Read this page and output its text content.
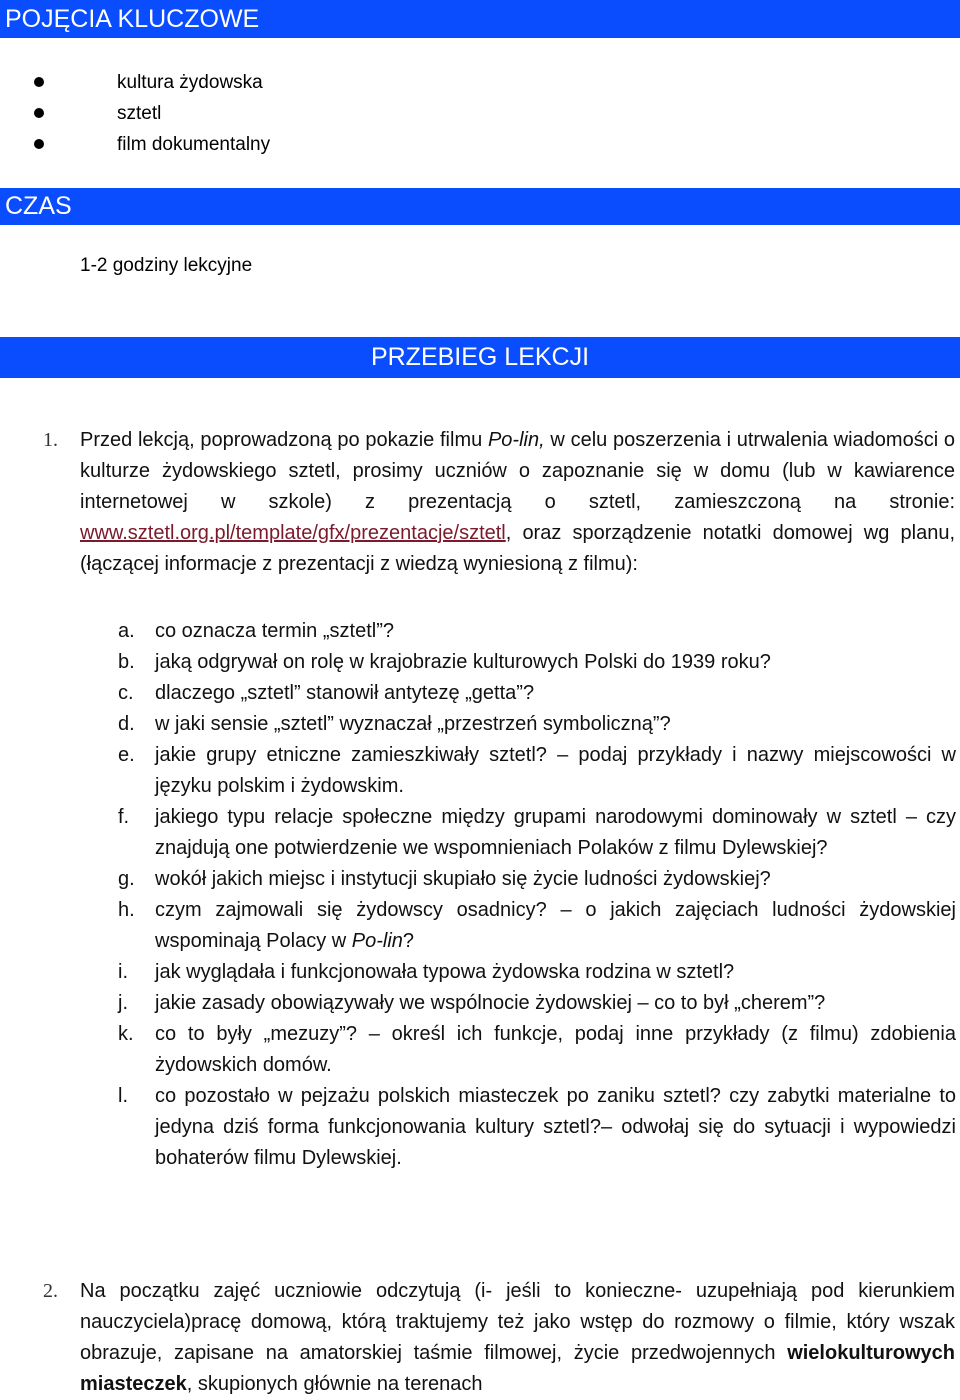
POJĘCIA KLUCZOWE
kultura żydowska
sztetl
film dokumentalny
CZAS
1-2 godziny lekcyjne
PRZEBIEG LEKCJI
1. Przed lekcją, poprowadzoną po pokazie filmu Po-lin, w celu poszerzenia i utrwalenia wiadomości o kulturze żydowskiego sztetl, prosimy uczniów o zapoznanie się w domu (lub w kawiarence internetowej w szkole) z prezentacją o sztetl, zamieszczoną na stronie: www.sztetl.org.pl/template/gfx/prezentacje/sztetl, oraz sporządzenie notatki domowej wg planu, (łączącej informacje z prezentacji z wiedzą wyniesioną z filmu):
a. co oznacza termin „sztetl”?
b. jaką odgrywał on rolę w krajobrazie kulturowych Polski do 1939 roku?
c. dlaczego „sztetl” stanowił antytezę „getta”?
d. w jaki sensie „sztetl” wyznaczał „przestrzeń symboliczną”?
e. jakie grupy etniczne zamieszkiwały sztetl? – podaj przykłady i nazwy miejscowości w języku polskim i żydowskim.
f. jakiego typu relacje społeczne między grupami narodowymi dominowały w sztetl – czy znajdują one potwierdzenie we wspomnieniach Polaków z filmu Dylewskiej?
g. wokół jakich miejsc i instytucji skupiało się życie ludności żydowskiej?
h. czym zajmowali się żydowscy osadnicy? – o jakich zajęciach ludności żydowskiej wspominają Polacy w Po-lin?
i. jak wyglądała i funkcjonowała typowa żydowska rodzina w sztetl?
j. jakie zasady obowiązywały we wspólnocie żydowskiej – co to był „cherem”?
k. co to były „mezuzy”? – określ ich funkcje, podaj inne przykłady (z filmu) zdobienia żydowskich domów.
l. co pozostało w pejzażu polskich miasteczek po zaniku sztetl? czy zabytki materialne to jedyna dziś forma funkcjonowania kultury sztetl?– odwołaj się do sytuacji i wypowiedzi bohaterów filmu Dylewskiej.
2. Na początku zajęć uczniowie odczytują (i- jeśli to konieczne- uzupełniają pod kierunkiem nauczyciela)pracę domową, którą traktujemy też jako wstęp do rozmowy o filmie, który wszak obrazuje, zapisane na amatorskiej taśmie filmowej, życie przedwojennych wielokulturowych miasteczek, skupionych głównie na terenach
